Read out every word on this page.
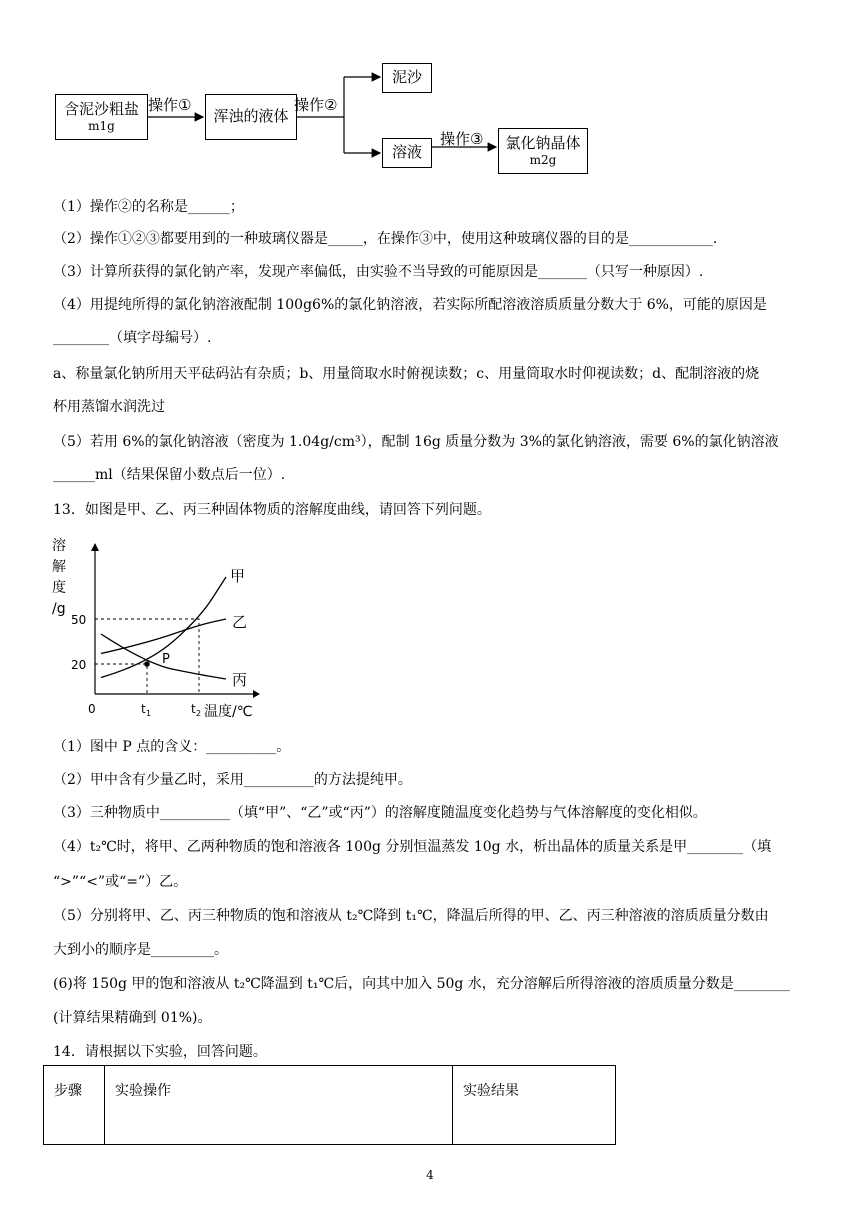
含泥沙粗盐
m1g
操作①
浑浊的液体
操作②
泥沙
溶液
操作③	氯化钠晶体
m2g
（1）操作②的名称是______；
（2）操作①②③都要用到的一种玻璃仪器是_____，在操作③中，使用这种玻璃仪器的目的是____________.
（3）计算所获得的氯化钠产率，发现产率偏低，由实验不当导致的可能原因是_______（只写一种原因）.
（4）用提纯所得的氯化钠溶液配制 100g6%的氯化钠溶液，若实际所配溶液溶质质量分数大于 6%，可能的原因是
________（填字母编号）.
a、称量氯化钠所用天平砝码沾有杂质；b、用量筒取水时俯视读数；c、用量筒取水时仰视读数；d、配制溶液的烧
杯用蒸馏水润洗过
（5）若用 6%的氯化钠溶液（密度为 1.04g/cm³），配制 16g 质量分数为 3%的氯化钠溶液，需要 6%的氯化钠溶液
______ml（结果保留小数点后一位）.
13．如图是甲、乙、丙三种固体物质的溶解度曲线，请回答下列问题。
溶
解
度
/g
温度/℃
0
20
50
t 1	t 2
甲
乙
丙
P
（1）图中 P 点的含义：__________。
（2）甲中含有少量乙时，采用__________的方法提纯甲。
（3）三种物质中__________（填“甲”、“乙”或“丙”）的溶解度随温度变化趋势与气体溶解度的变化相似。
（4）t₂℃时，将甲、乙两种物质的饱和溶液各 100g 分别恒温蒸发 10g 水，析出晶体的质量关系是甲________（填
“>”“<”或“=”）乙。
（5）分别将甲、乙、丙三种物质的饱和溶液从 t₂℃降到 t₁℃，降温后所得的甲、乙、丙三种溶液的溶质质量分数由
大到小的顺序是_________。
(6)将 150g 甲的饱和溶液从 t₂℃降温到 t₁℃后，向其中加入 50g 水，充分溶解后所得溶液的溶质质量分数是________
(计算结果精确到 01%)。
14．请根据以下实验，回答问题。
步骤	实验操作	实验结果
4
